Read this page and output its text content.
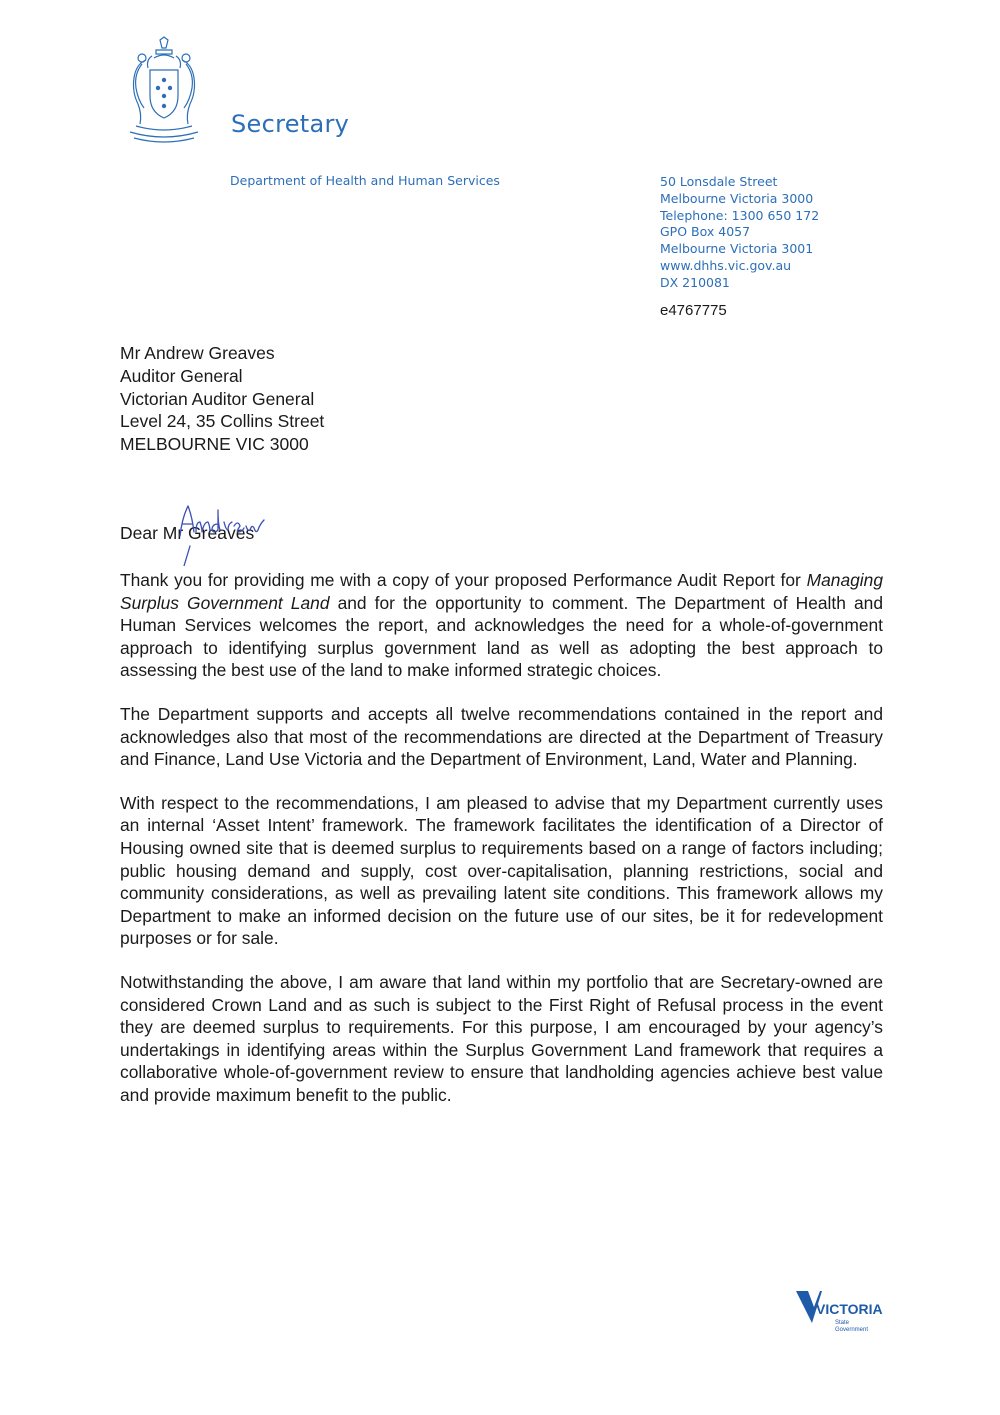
Secretary
Department of Health and Human Services	50 Lonsdale Street
Melbourne Victoria 3000
Telephone: 1300 650 172
GPO Box 4057
Melbourne Victoria 3001
www.dhhs.vic.gov.au
DX 210081
e4767775
Mr Andrew Greaves
Auditor General
Victorian Auditor General
Level 24, 35 Collins Street
MELBOURNE VIC 3000
Dear Mr Greaves

Thank you for providing me with a copy of your proposed Performance Audit Report for Managing Surplus Government Land and for the opportunity to comment. The Department of Health and Human Services welcomes the report, and acknowledges the need for a whole-of-government approach to identifying surplus government land as well as adopting the best approach to assessing the best use of the land to make informed strategic choices.

The Department supports and accepts all twelve recommendations contained in the report and acknowledges also that most of the recommendations are directed at the Department of Treasury and Finance, Land Use Victoria and the Department of Environment, Land, Water and Planning.

With respect to the recommendations, I am pleased to advise that my Department currently uses an internal ‘Asset Intent’ framework. The framework facilitates the identification of a Director of Housing owned site that is deemed surplus to requirements based on a range of factors including; public housing demand and supply, cost over-capitalisation, planning restrictions, social and community considerations, as well as prevailing latent site conditions. This framework allows my Department to make an informed decision on the future use of our sites, be it for redevelopment purposes or for sale.

Notwithstanding the above, I am aware that land within my portfolio that are Secretary-owned are considered Crown Land and as such is subject to the First Right of Refusal process in the event they are deemed surplus to requirements. For this purpose, I am encouraged by your agency’s undertakings in identifying areas within the Surplus Government Land framework that requires a collaborative whole-of-government review to ensure that landholding agencies achieve best value and provide maximum benefit to the public.

VICTORIA
State
Government
